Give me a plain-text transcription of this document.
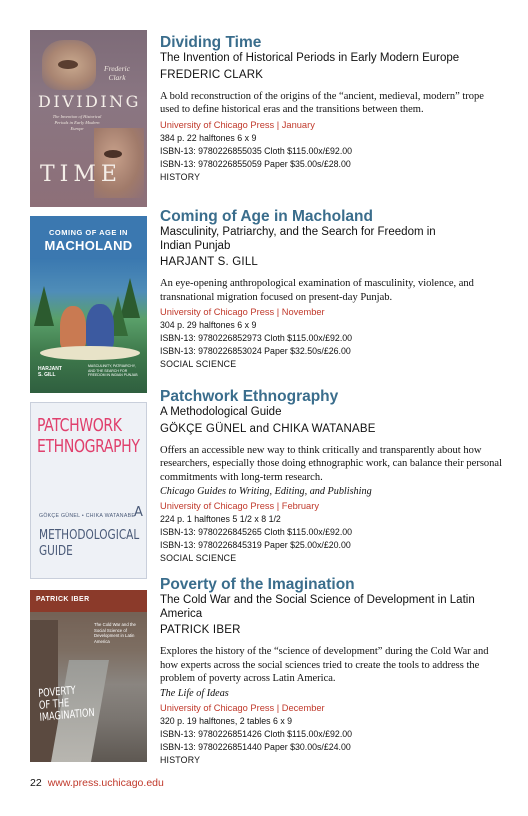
Frederic
Clark
DIVIDING
The Invention of Historical Periods in Early Modern Europe
TIME
Dividing Time
The Invention of Historical Periods in Early Modern Europe
FREDERIC CLARK
A bold reconstruction of the origins of the “ancient, medieval, modern” trope used to define historical eras and the transitions between them.
University of Chicago Press | January
384 p. 22 halftones 6 x 9
ISBN-13: 9780226855035 Cloth $115.00x/£92.00
ISBN-13: 9780226855059 Paper $35.00s/£28.00
HISTORY
COMING OF AGE IN
MACHOLAND
HARJANT
S. GILL
MASCULINITY, PATRIARCHY, AND THE SEARCH FOR FREEDOM IN INDIAN PUNJAB
Coming of Age in Macholand
Masculinity, Patriarchy, and the Search for Freedom in Indian Punjab
HARJANT S. GILL
An eye-opening anthropological examination of masculinity, violence, and transnational migration focused on present-day Punjab.
University of Chicago Press | November
304 p. 29 halftones 6 x 9
ISBN-13: 9780226852973 Cloth $115.00x/£92.00
ISBN-13: 9780226853024 Paper $32.50s/£26.00
SOCIAL SCIENCE
PATCHWORK
ETHNOGRAPHY
GÖKÇE GÜNEL • CHIKA WATANABE
A
METHODOLOGICAL
GUIDE
Patchwork Ethnography
A Methodological Guide
GÖKÇE GÜNEL and CHIKA WATANABE
Offers an accessible new way to think critically and transparently about how researchers, especially those doing ethnographic work, can balance their personal commitments with long-term research.
Chicago Guides to Writing, Editing, and Publishing
University of Chicago Press | February
224 p. 1 halftones 5 1/2 x 8 1/2
ISBN-13: 9780226845265 Cloth $115.00x/£92.00
ISBN-13: 9780226845319 Paper $25.00x/£20.00
SOCIAL SCIENCE
PATRICK IBER
The Cold War and the Social Science of Development in Latin America
POVERTY
OF THE
IMAGINATION
Poverty of the Imagination
The Cold War and the Social Science of Development in Latin America
PATRICK IBER
Explores the history of the “science of development” during the Cold War and how experts across the social sciences tried to create the tools to address the problem of poverty across Latin America.
The Life of Ideas
University of Chicago Press | December
320 p. 19 halftones, 2 tables 6 x 9
ISBN-13: 9780226851426 Cloth $115.00x/£92.00
ISBN-13: 9780226851440 Paper $30.00s/£24.00
HISTORY
22 www.press.uchicago.edu
